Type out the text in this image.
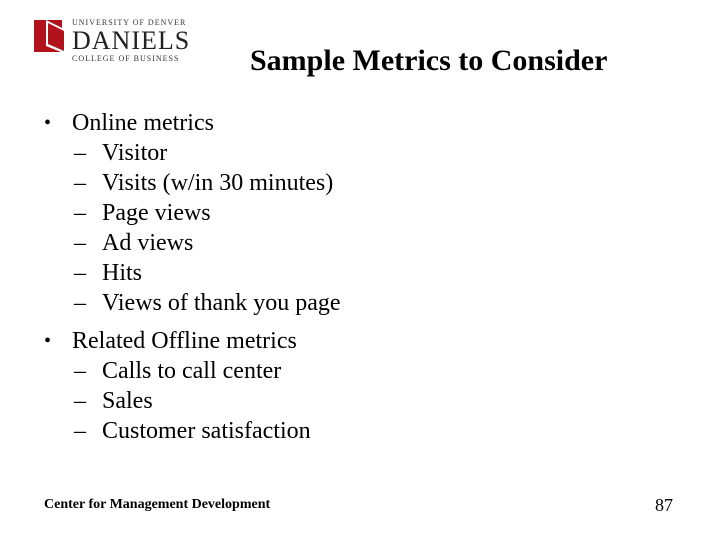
UNIVERSITY OF DENVER
DANIELS
COLLEGE OF BUSINESS Sample Metrics to Consider
• Online metrics
– Visitor
– Visits (w/in 30 minutes)
– Page views
– Ad views
– Hits
– Views of thank you page
• Related Offline metrics
– Calls to call center
– Sales
– Customer satisfaction
Center for Management Development	87
